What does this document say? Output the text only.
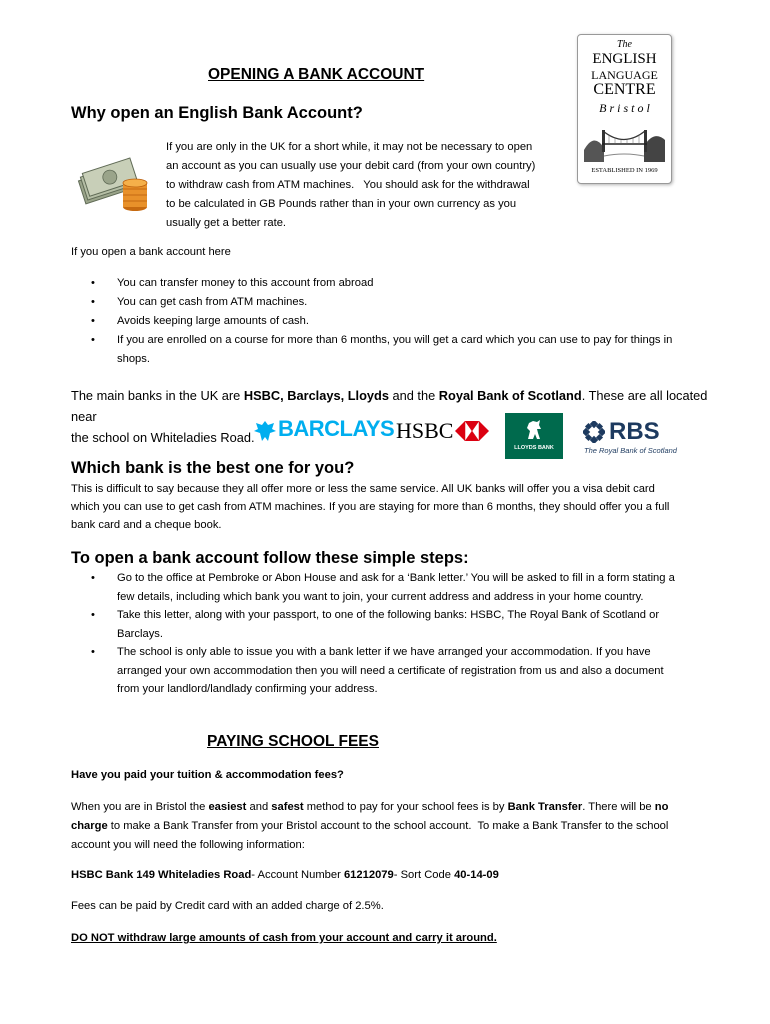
The
ENGLISH
LANGUAGE
CENTRE
B r i s t o l
ESTABLISHED IN 1969
OPENING A BANK ACCOUNT
Why open an English Bank Account?
If you are only in the UK for a short while, it may not be necessary to open
an account as you can usually use your debit card (from your own country)
to withdraw cash from ATM machines.   You should ask for the withdrawal
to be calculated in GB Pounds rather than in your own currency as you
usually get a better rate.
If you open a bank account here
• You can transfer money to this account from abroad
• You can get cash from ATM machines.
• Avoids keeping large amounts of cash.
• If you are enrolled on a course for more than 6 months, you will get a card which you can use to pay for things in
shops.
The main banks in the UK are HSBC, Barclays, Lloyds and the Royal Bank of Scotland. These are all located near
the school on Whiteladies Road.	BARCLAYS HSBC
LLOYDS BANK
RBS
The Royal Bank of Scotland
Which bank is the best one for you?
This is difficult to say because they all offer more or less the same service. All UK banks will offer you a visa debit card
which you can use to get cash from ATM machines. If you are staying for more than 6 months, they should offer you a full
bank card and a cheque book.
To open a bank account follow these simple steps:
• Go to the office at Pembroke or Abon House and ask for a ‘Bank letter.’ You will be asked to fill in a form stating a
few details, including which bank you want to join, your current address and address in your home country.
• Take this letter, along with your passport, to one of the following banks: HSBC, The Royal Bank of Scotland or
Barclays.
• The school is only able to issue you with a bank letter if we have arranged your accommodation. If you have
arranged your own accommodation then you will need a certificate of registration from us and also a document
from your landlord/landlady confirming your address.
PAYING SCHOOL FEES
Have you paid your tuition & accommodation fees?
When you are in Bristol the easiest and safest method to pay for your school fees is by Bank Transfer. There will be no
charge to make a Bank Transfer from your Bristol account to the school account.  To make a Bank Transfer to the school
account you will need the following information:
HSBC Bank 149 Whiteladies Road- Account Number 61212079- Sort Code 40-14-09
Fees can be paid by Credit card with an added charge of 2.5%.
DO NOT withdraw large amounts of cash from your account and carry it around.
